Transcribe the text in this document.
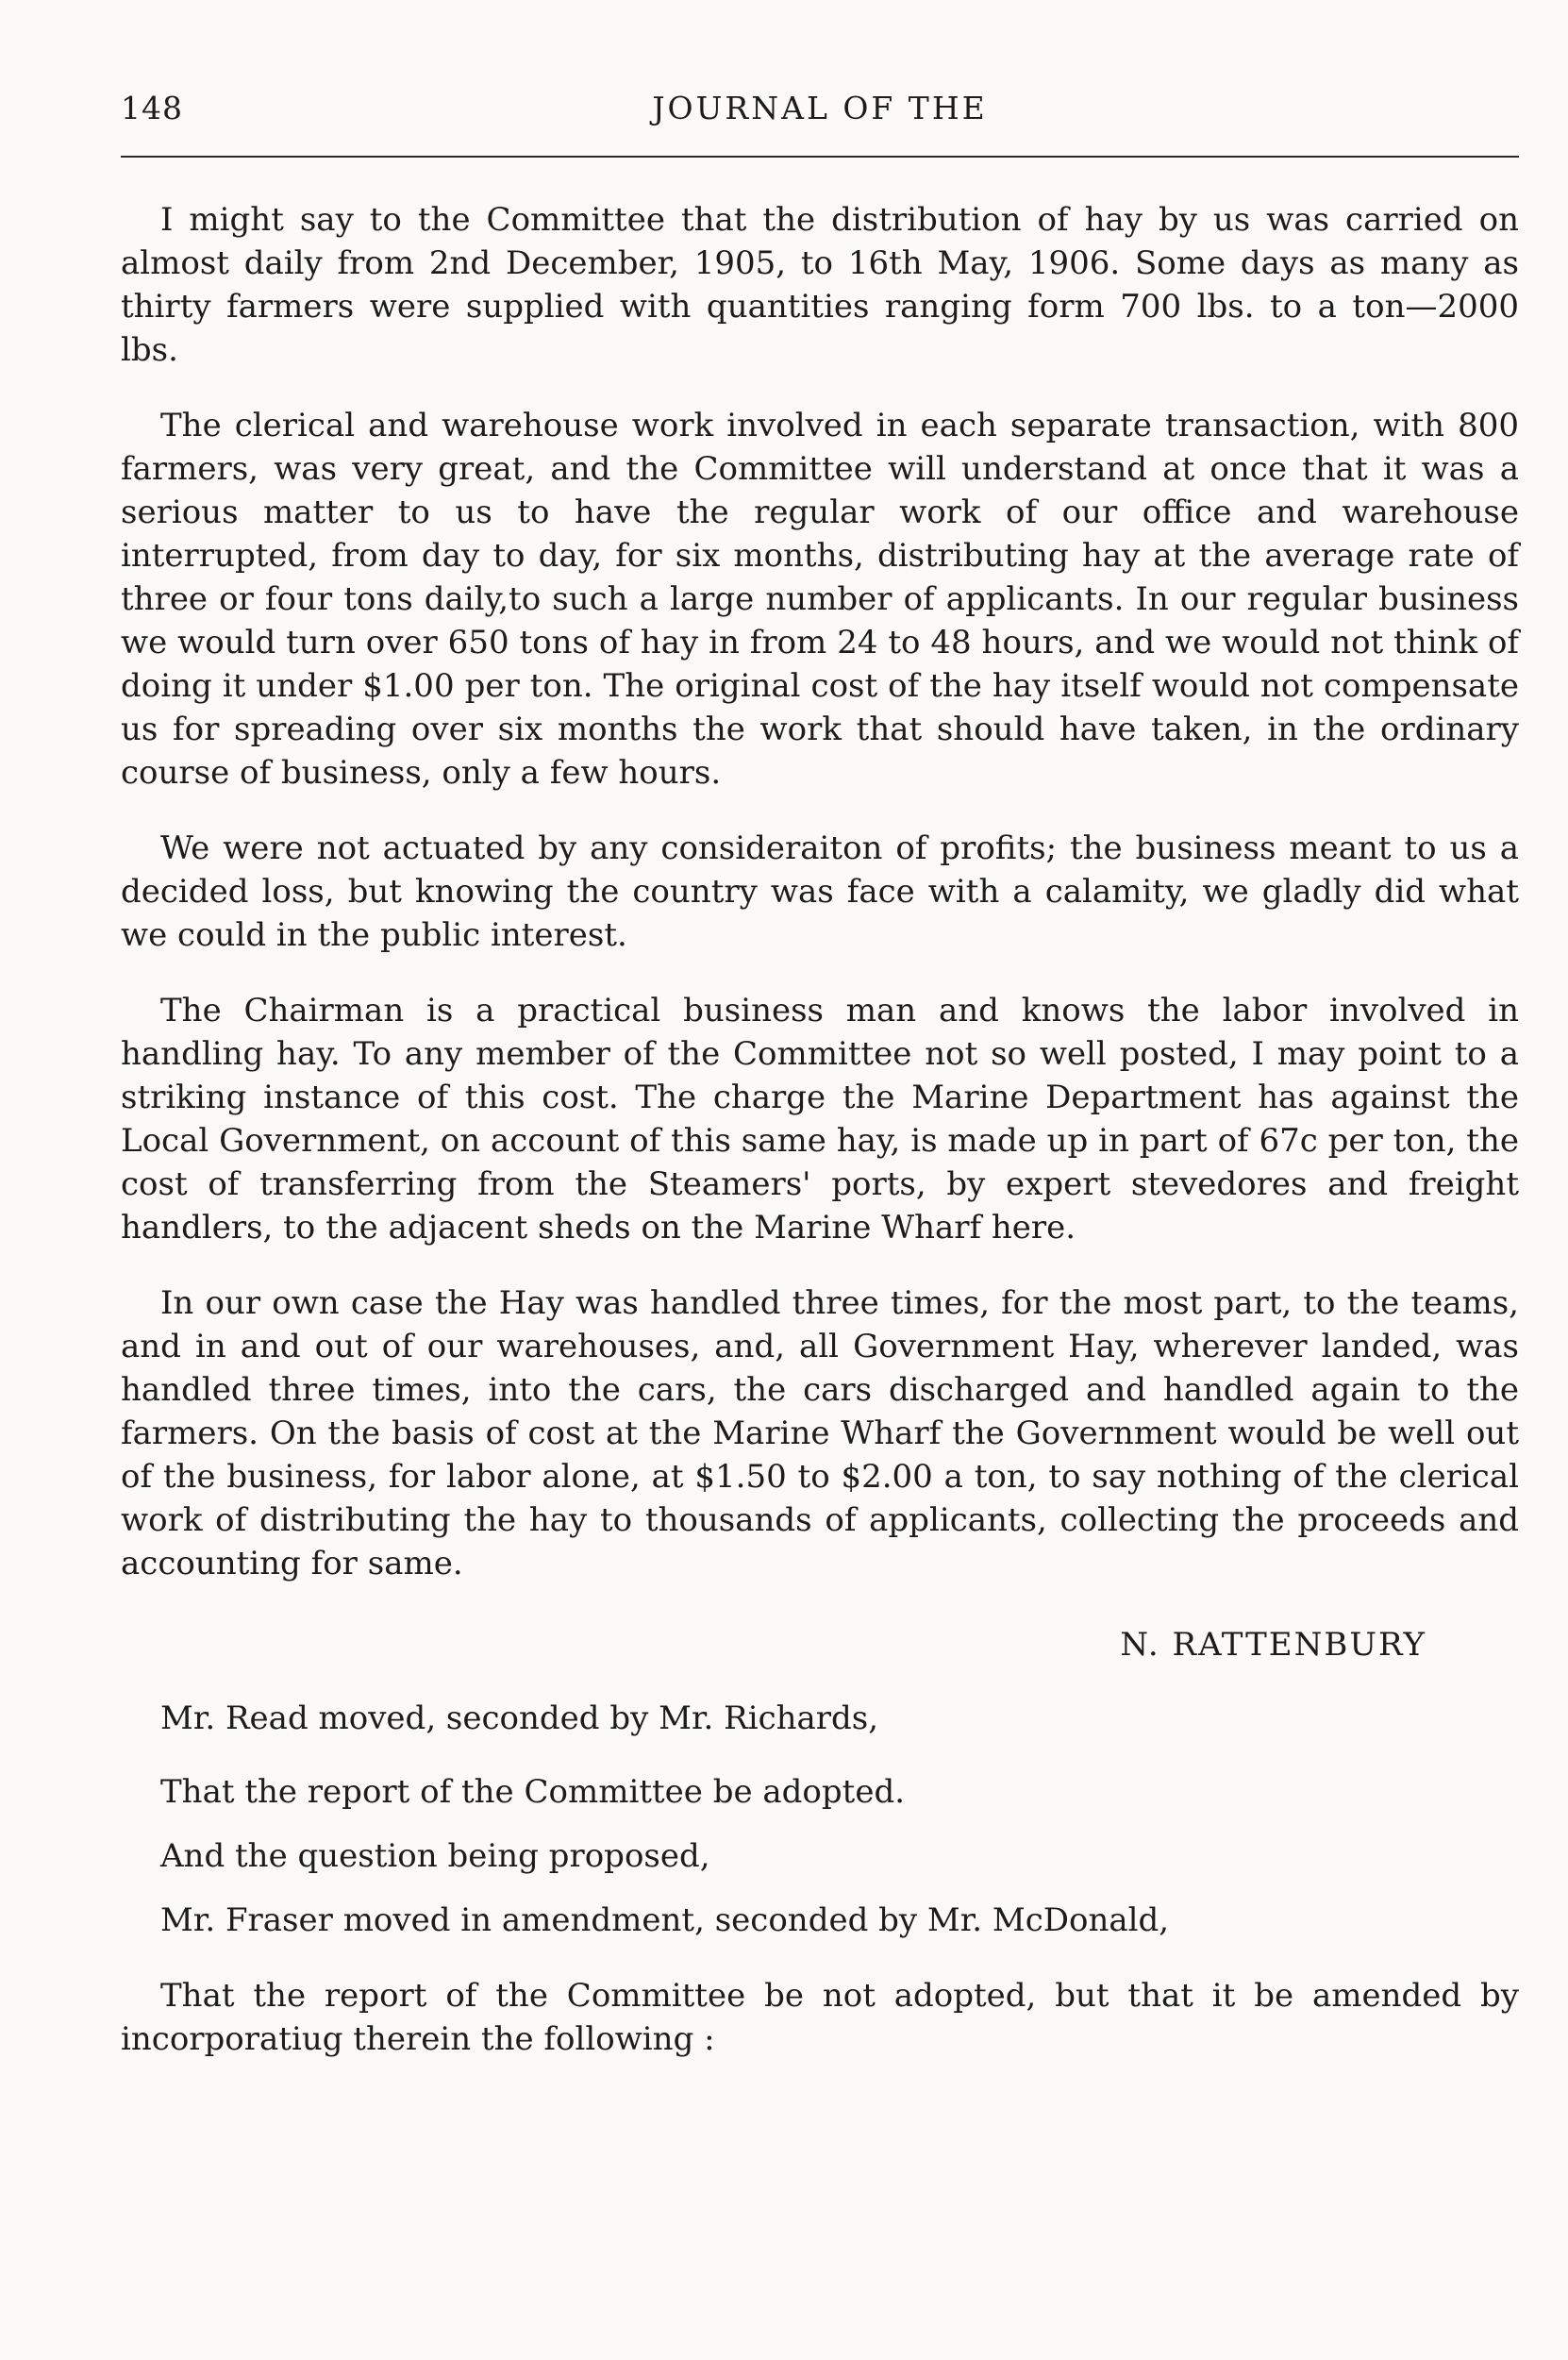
148	JOURNAL OF THE

I might say to the Committee that the distribution of hay by us was carried on almost daily from 2nd December, 1905, to 16th May, 1906. Some days as many as thirty farmers were supplied with quantities ranging form 700 lbs. to a ton—2000 lbs.

The clerical and warehouse work involved in each separate transaction, with 800 farmers, was very great, and the Committee will understand at once that it was a serious matter to us to have the regular work of our office and warehouse interrupted, from day to day, for six months, distributing hay at the average rate of three or four tons daily,to such a large number of applicants. In our regular business we would turn over 650 tons of hay in from 24 to 48 hours, and we would not think of doing it under $1.00 per ton. The original cost of the hay itself would not compensate us for spreading over six months the work that should have taken, in the ordinary course of business, only a few hours.

We were not actuated by any consideraiton of profits; the business meant to us a decided loss, but knowing the country was face with a calamity, we gladly did what we could in the public interest.

The Chairman is a practical business man and knows the labor involved in handling hay. To any member of the Committee not so well posted, I may point to a striking instance of this cost. The charge the Marine Department has against the Local Government, on account of this same hay, is made up in part of 67c per ton, the cost of transferring from the Steamers' ports, by expert stevedores and freight handlers, to the adjacent sheds on the Marine Wharf here.

In our own case the Hay was handled three times, for the most part, to the teams, and in and out of our warehouses, and, all Government Hay, wherever landed, was handled three times, into the cars, the cars discharged and handled again to the farmers. On the basis of cost at the Marine Wharf the Government would be well out of the business, for labor alone, at $1.50 to $2.00 a ton, to say nothing of the clerical work of distributing the hay to thousands of applicants, collecting the proceeds and accounting for same.

N. RATTENBURY

Mr. Read moved, seconded by Mr. Richards,

That the report of the Committee be adopted.

And the question being proposed,

Mr. Fraser moved in amendment, seconded by Mr. McDonald,

That the report of the Committee be not adopted, but that it be amended by incorporatiug therein the following :
